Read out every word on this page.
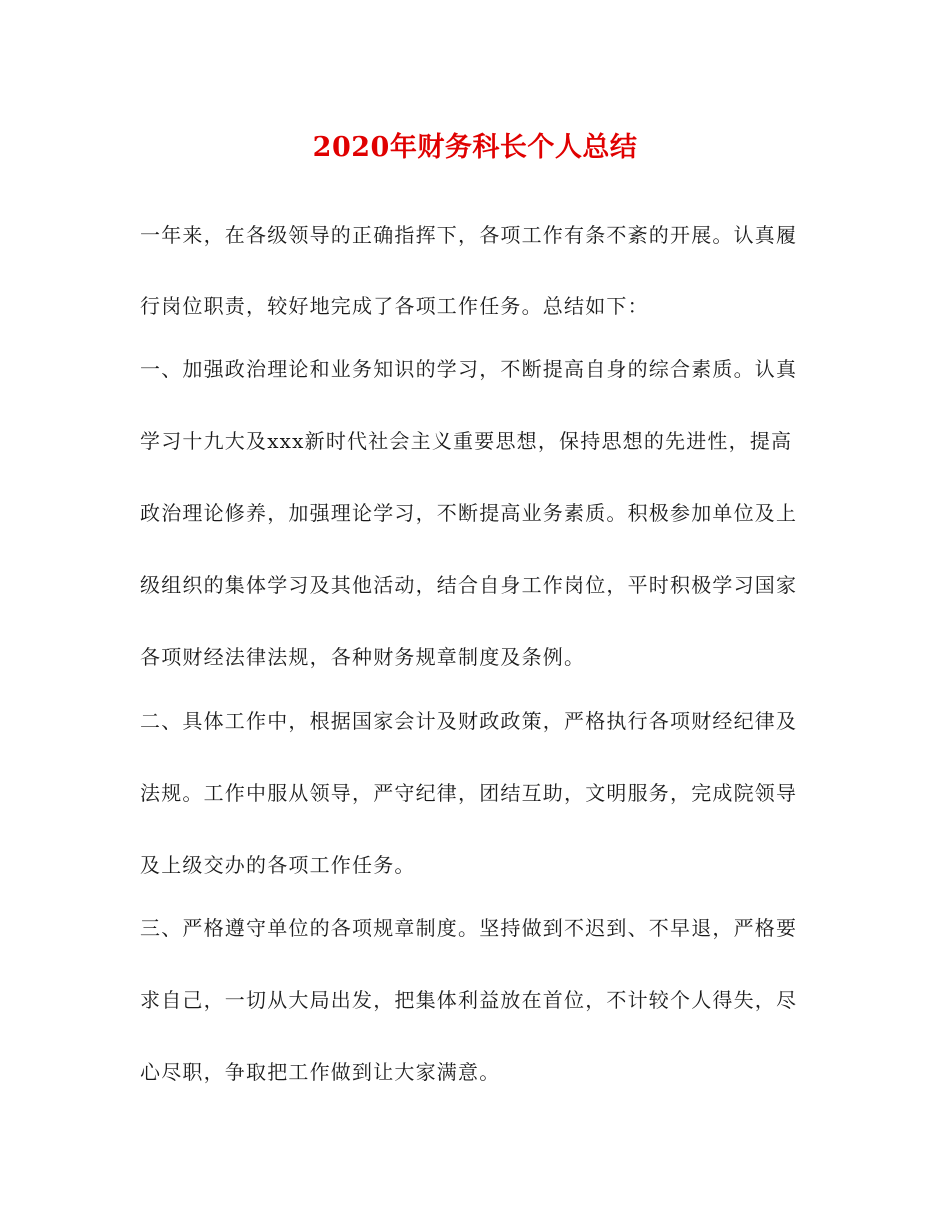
2020年财务科长个人总结
一年来，在各级领导的正确指挥下，各项工作有条不紊的开展。认真履
行岗位职责，较好地完成了各项工作任务。总结如下：
一、加强政治理论和业务知识的学习，不断提高自身的综合素质。认真
学习十九大及xxx新时代社会主义重要思想，保持思想的先进性，提高
政治理论修养，加强理论学习，不断提高业务素质。积极参加单位及上
级组织的集体学习及其他活动，结合自身工作岗位，平时积极学习国家
各项财经法律法规，各种财务规章制度及条例。
二、具体工作中，根据国家会计及财政政策，严格执行各项财经纪律及
法规。工作中服从领导，严守纪律，团结互助，文明服务，完成院领导
及上级交办的各项工作任务。
三、严格遵守单位的各项规章制度。坚持做到不迟到、不早退，严格要
求自己，一切从大局出发，把集体利益放在首位，不计较个人得失，尽
心尽职，争取把工作做到让大家满意。
